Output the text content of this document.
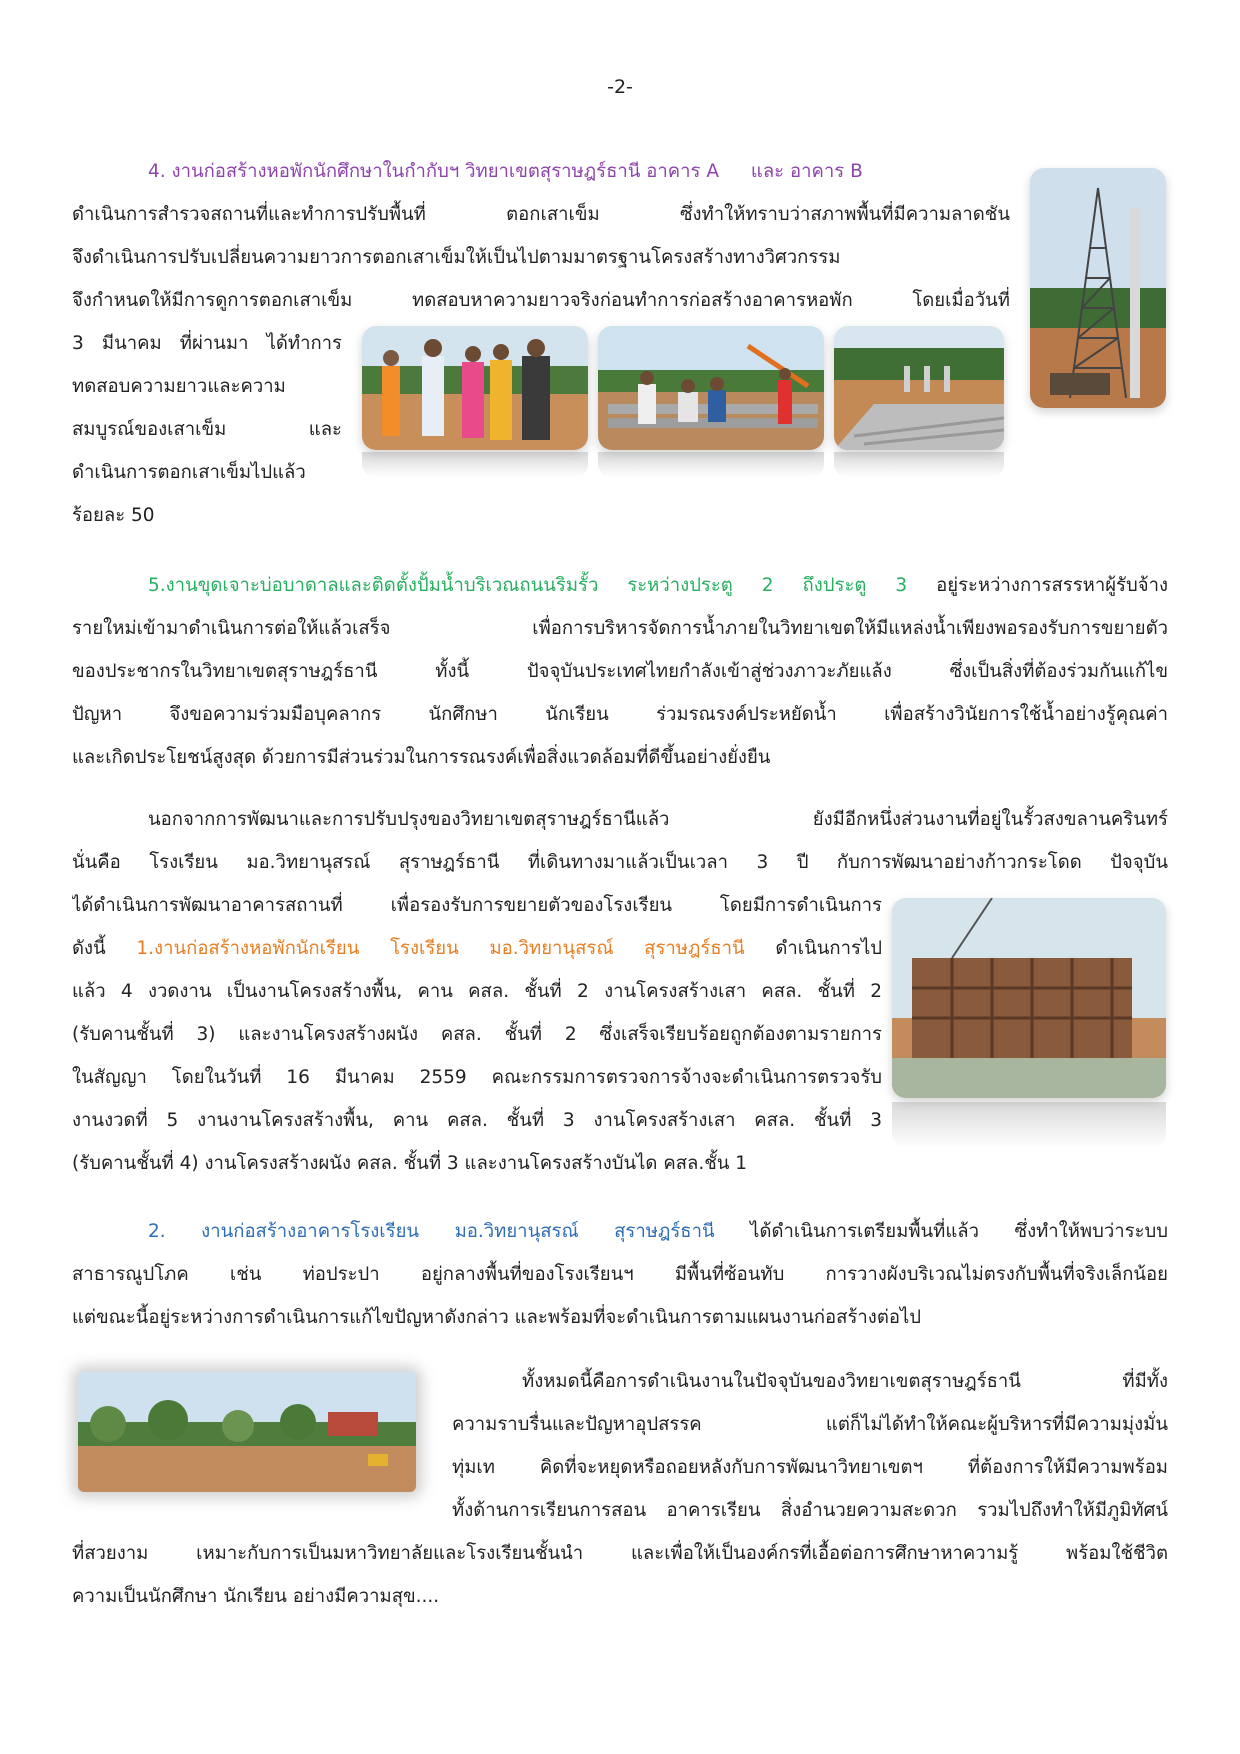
-2-
4. งานก่อสร้างหอพักนักศึกษาในกำกับฯ วิทยาเขตสุราษฎร์ธานี อาคาร A และ อาคาร B
ดำเนินการสำรวจสถานที่และทำการปรับพื้นที่ ตอกเสาเข็ม ซึ่งทำให้ทราบว่าสภาพพื้นที่มีความลาดชัน
จึงดำเนินการปรับเปลี่ยนความยาวการตอกเสาเข็มให้เป็นไปตามมาตรฐานโครงสร้างทางวิศวกรรม
จึงกำหนดให้มีการดูการตอกเสาเข็ม ทดสอบหาความยาวจริงก่อนทำการก่อสร้างอาคารหอพัก โดยเมื่อวันที่
3 มีนาคม ที่ผ่านมา ได้ทำการ
ทดสอบความยาวและความ
สมบูรณ์ของเสาเข็ม และ
ดำเนินการตอกเสาเข็มไปแล้ว
ร้อยละ 50
5.งานขุดเจาะบ่อบาดาลและติดตั้งปั้มน้ำบริเวณถนนริมรั้ว ระหว่างประตู 2 ถึงประตู 3 อยู่ระหว่างการสรรหาผู้รับจ้าง
รายใหม่เข้ามาดำเนินการต่อให้แล้วเสร็จ เพื่อการบริหารจัดการน้ำภายในวิทยาเขตให้มีแหล่งน้ำเพียงพอรองรับการขยายตัว
ของประชากรในวิทยาเขตสุราษฎร์ธานี ทั้งนี้ ปัจจุบันประเทศไทยกำลังเข้าสู่ช่วงภาวะภัยแล้ง ซึ่งเป็นสิ่งที่ต้องร่วมกันแก้ไข
ปัญหา จึงขอความร่วมมือบุคลากร นักศึกษา นักเรียน ร่วมรณรงค์ประหยัดน้ำ เพื่อสร้างวินัยการใช้น้ำอย่างรู้คุณค่า
และเกิดประโยชน์สูงสุด ด้วยการมีส่วนร่วมในการรณรงค์เพื่อสิ่งแวดล้อมที่ดีขึ้นอย่างยั่งยืน
นอกจากการพัฒนาและการปรับปรุงของวิทยาเขตสุราษฎร์ธานีแล้ว ยังมีอีกหนึ่งส่วนงานที่อยู่ในรั้วสงขลานครินทร์
นั่นคือ โรงเรียน มอ.วิทยานุสรณ์ สุราษฎร์ธานี ที่เดินทางมาแล้วเป็นเวลา 3 ปี กับการพัฒนาอย่างก้าวกระโดด ปัจจุบัน
ได้ดำเนินการพัฒนาอาคารสถานที่ เพื่อรองรับการขยายตัวของโรงเรียน โดยมีการดำเนินการ
ดังนี้ 1.งานก่อสร้างหอพักนักเรียน โรงเรียน มอ.วิทยานุสรณ์ สุราษฎร์ธานี ดำเนินการไป
แล้ว 4 งวดงาน เป็นงานโครงสร้างพื้น, คาน คสล. ชั้นที่ 2 งานโครงสร้างเสา คสล. ชั้นที่ 2
(รับคานชั้นที่ 3) และงานโครงสร้างผนัง คสล. ชั้นที่ 2 ซึ่งเสร็จเรียบร้อยถูกต้องตามรายการ
ในสัญญา โดยในวันที่ 16 มีนาคม 2559 คณะกรรมการตรวจการจ้างจะดำเนินการตรวจรับ
งานงวดที่ 5 งานงานโครงสร้างพื้น, คาน คสล. ชั้นที่ 3 งานโครงสร้างเสา คสล. ชั้นที่ 3
(รับคานชั้นที่ 4) งานโครงสร้างผนัง คสล. ชั้นที่ 3 และงานโครงสร้างบันได คสล.ชั้น 1
2. งานก่อสร้างอาคารโรงเรียน มอ.วิทยานุสรณ์ สุราษฎร์ธานี ได้ดำเนินการเตรียมพื้นที่แล้ว ซึ่งทำให้พบว่าระบบ
สาธารณูปโภค เช่น ท่อประปา อยู่กลางพื้นที่ของโรงเรียนฯ มีพื้นที่ซ้อนทับ การวางผังบริเวณไม่ตรงกับพื้นที่จริงเล็กน้อย
แต่ขณะนี้อยู่ระหว่างการดำเนินการแก้ไขปัญหาดังกล่าว และพร้อมที่จะดำเนินการตามแผนงานก่อสร้างต่อไป
ทั้งหมดนี้คือการดำเนินงานในปัจจุบันของวิทยาเขตสุราษฎร์ธานี ที่มีทั้ง
ความราบรื่นและปัญหาอุปสรรค แต่ก็ไม่ได้ทำให้คณะผู้บริหารที่มีความมุ่งมั่น
ทุ่มเท คิดที่จะหยุดหรือถอยหลังกับการพัฒนาวิทยาเขตฯ ที่ต้องการให้มีความพร้อม
ทั้งด้านการเรียนการสอน อาคารเรียน สิ่งอำนวยความสะดวก รวมไปถึงทำให้มีภูมิทัศน์
ที่สวยงาม เหมาะกับการเป็นมหาวิทยาลัยและโรงเรียนชั้นนำ และเพื่อให้เป็นองค์กรที่เอื้อต่อการศึกษาหาความรู้ พร้อมใช้ชีวิต
ความเป็นนักศึกษา นักเรียน อย่างมีความสุข....
